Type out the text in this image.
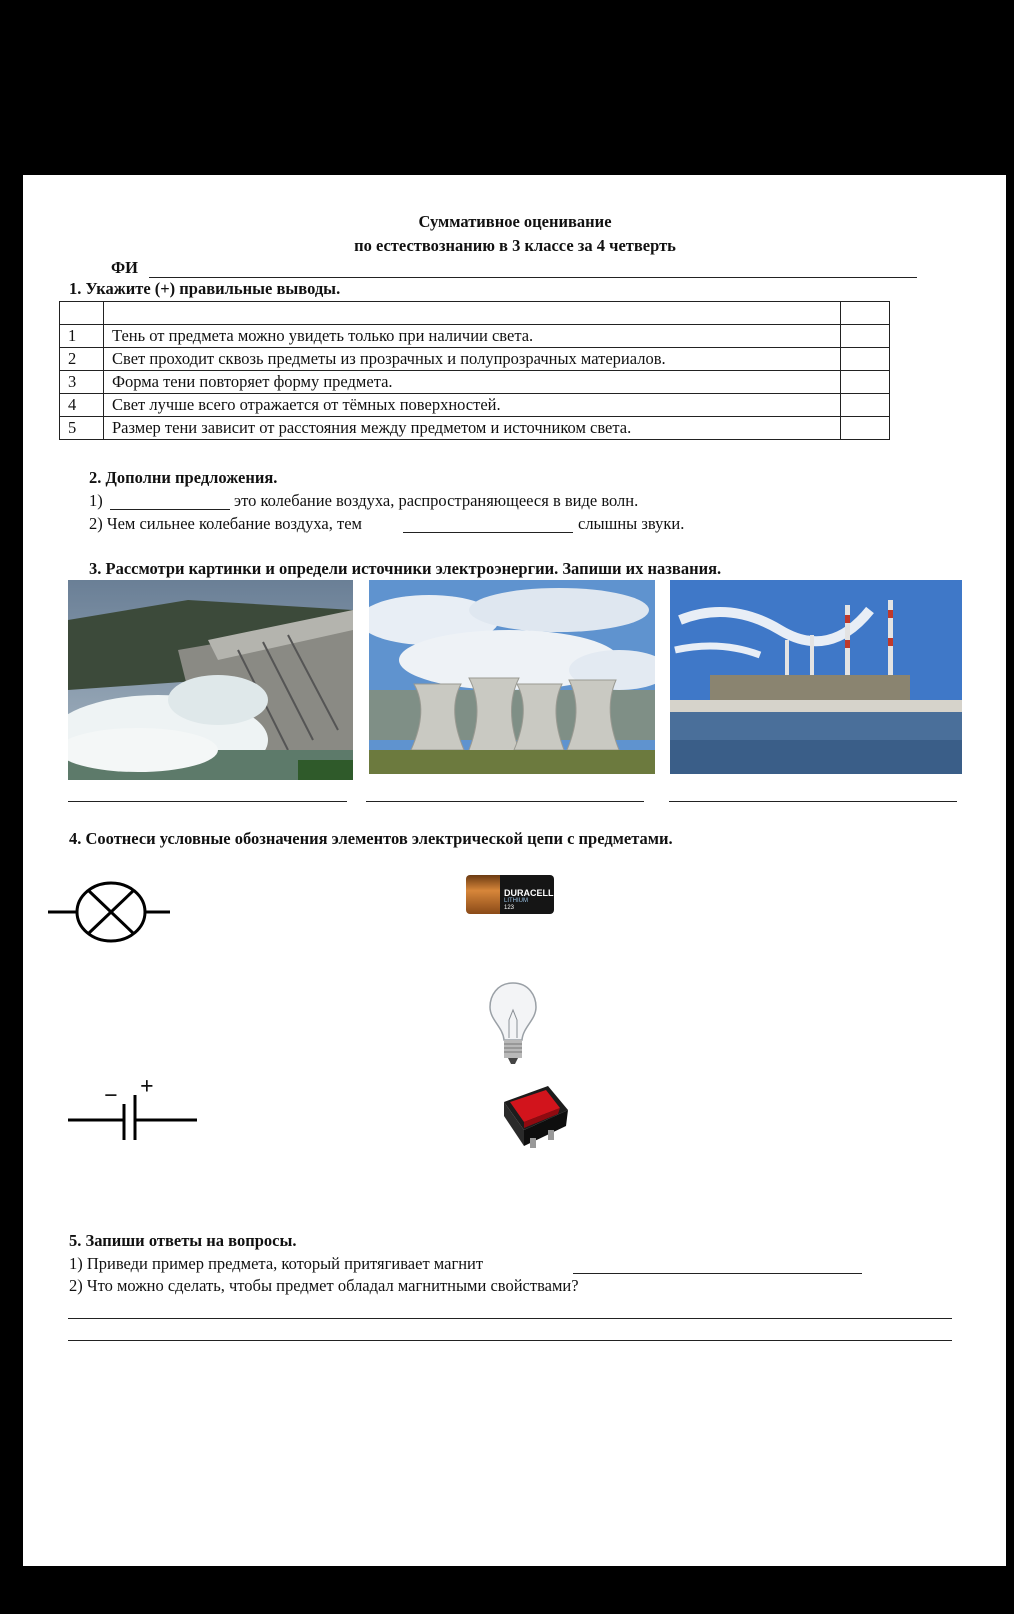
Суммативное оценивание
по естествознанию в 3 классе за 4 четверть
ФИ
1. Укажите (+) правильные выводы.

1	Тень от предмета можно увидеть только при наличии света.	
2	Свет проходит сквозь предметы из прозрачных и полупрозрачных материалов.	
3	Форма тени повторяет форму предмета.	
4	Свет лучше всего отражается от тёмных поверхностей.	
5	Размер тени зависит от расстояния между предметом и источником света.	
2. Дополни предложения.
1)	это колебание воздуха, распространяющееся в виде волн.
2) Чем сильнее колебание воздуха, тем	слышны звуки.
3. Рассмотри картинки и определи источники электроэнергии. Запиши их названия.
4. Соотнеси условные обозначения элементов электрической цепи с предметами.
− +
DURACELL
LITHIUM
123
5. Запиши ответы на вопросы.
1) Приведи пример предмета, который притягивает магнит
2) Что можно сделать, чтобы предмет обладал магнитными свойствами?
